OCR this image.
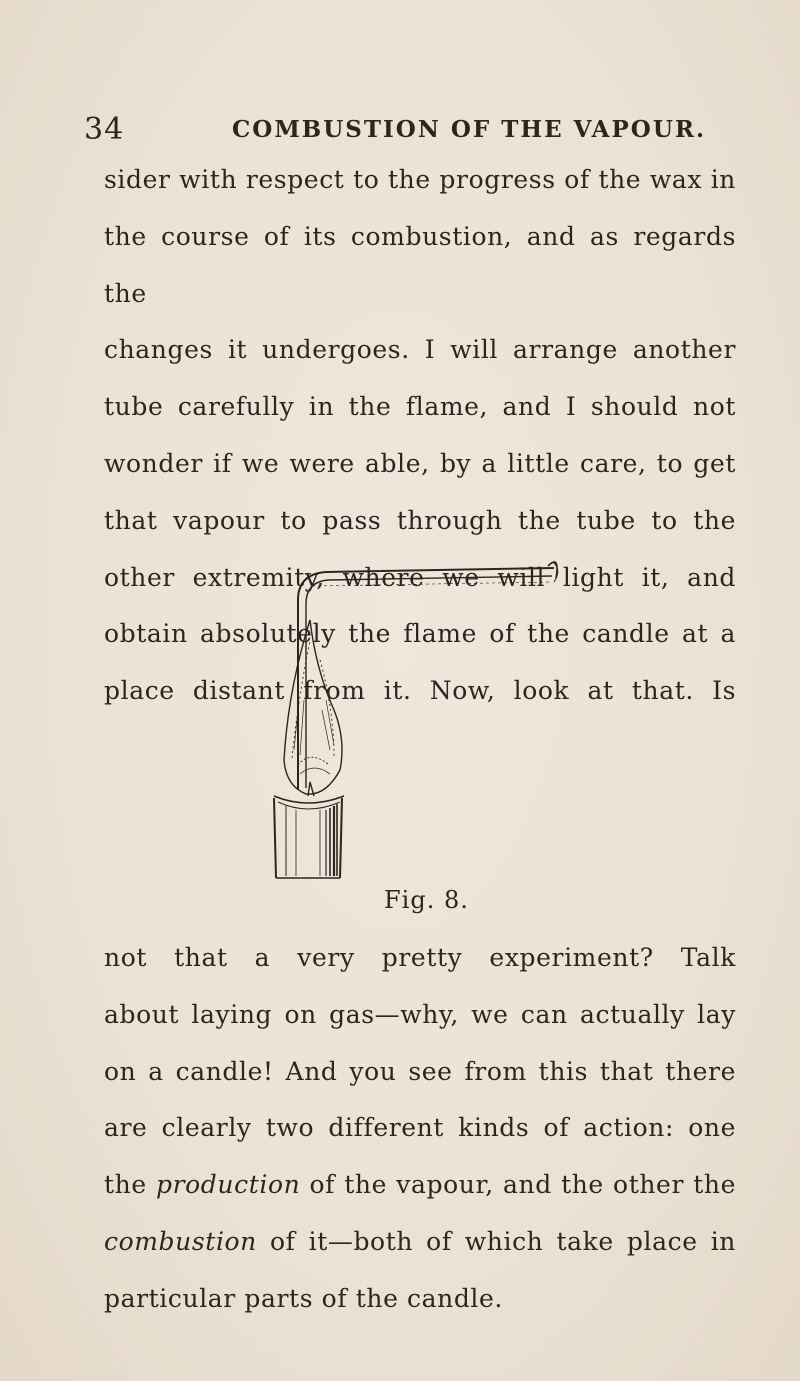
34	COMBUSTION OF THE VAPOUR.

sider with respect to the progress of the wax in

the course of its combustion, and as regards the

changes it undergoes. I will arrange another

tube carefully in the flame, and I should not

wonder if we were able, by a little care, to get

that vapour to pass through the tube to the

other extremity, where we will light it, and

obtain absolutely the flame of the candle at a

place distant from it. Now, look at that. Is

Fig. 8.

not that a very pretty experiment? Talk

about laying on gas—why, we can actually lay

on a candle! And you see from this that there

are clearly two different kinds of action: one

the production of the vapour, and the other the

combustion of it—both of which take place in

particular parts of the candle.
